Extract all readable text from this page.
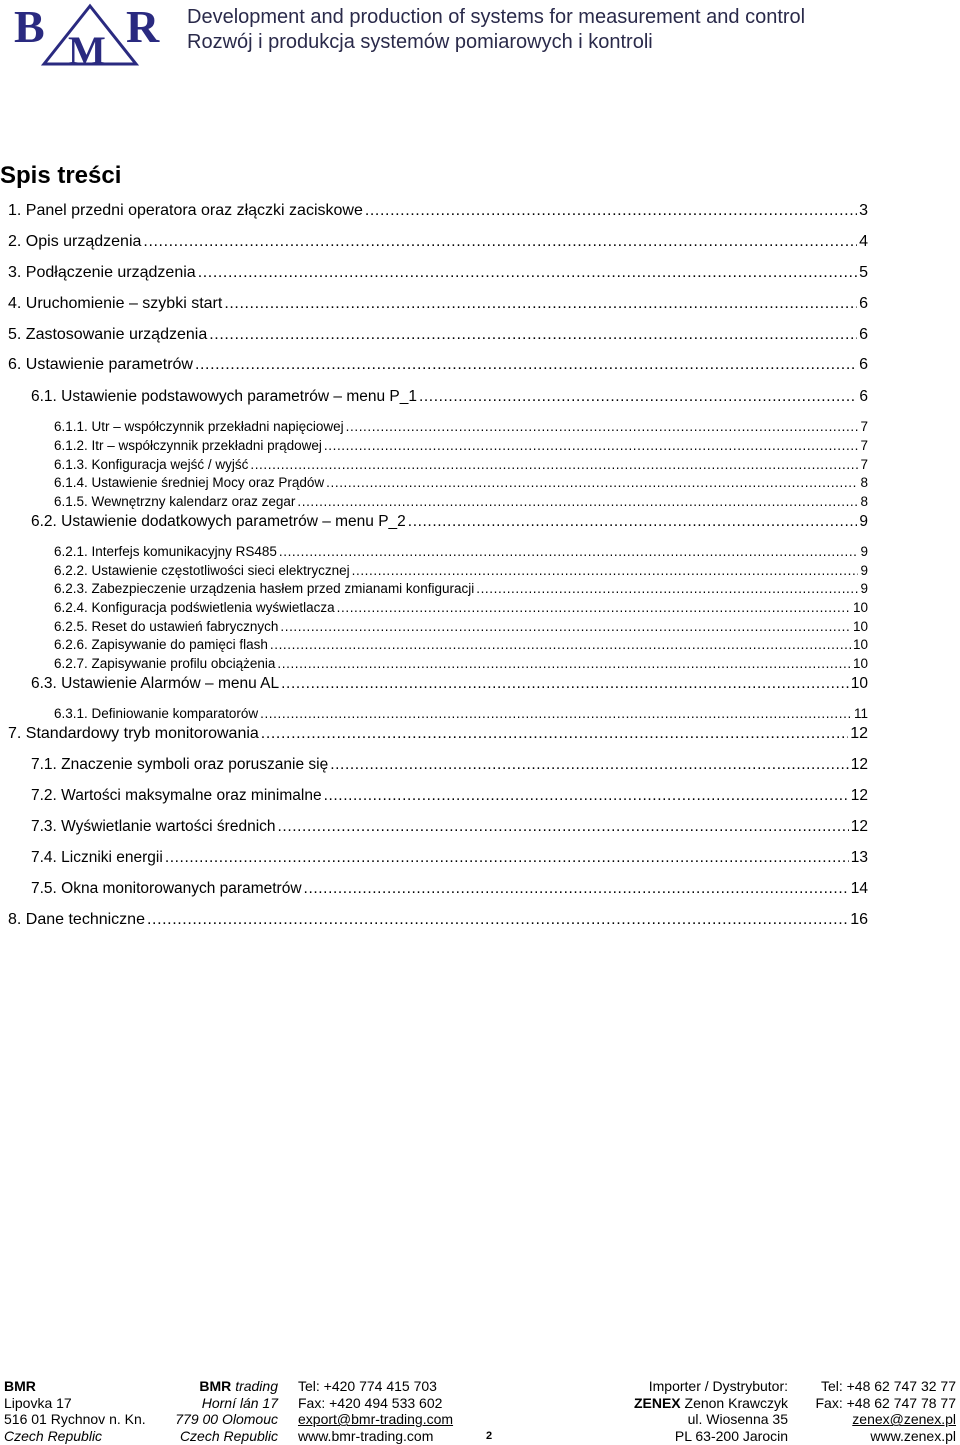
B M R Development and production of systems for measurement and control
Rozwój i produkcja systemów pomiarowych i kontroli
Spis treści
1. Panel przedni operatora oraz złączki zaciskowe .....	3
2. Opis urządzenia .....	4
3. Podłączenie urządzenia .....	5
4. Uruchomienie – szybki start .....	6
5. Zastosowanie urządzenia .....	6
6. Ustawienie parametrów .....	6
6.1. Ustawienie podstawowych parametrów – menu P_1 .....	6
6.1.1. Utr – współczynnik przekładni napięciowej .....	7
6.1.2. Itr – współczynnik przekładni prądowej .....	7
6.1.3. Konfiguracja wejść / wyjść .....	7
6.1.4. Ustawienie średniej Mocy oraz Prądów .....	8
6.1.5. Wewnętrzny kalendarz oraz zegar .....	8
6.2. Ustawienie dodatkowych parametrów – menu P_2 .....	9
6.2.1. Interfejs komunikacyjny RS485 .....	9
6.2.2. Ustawienie częstotliwości sieci elektrycznej .....	9
6.2.3. Zabezpieczenie urządzenia hasłem przed zmianami konfiguracji .....	9
6.2.4. Konfiguracja podświetlenia wyświetlacza .....	10
6.2.5. Reset do ustawień fabrycznych .....	10
6.2.6. Zapisywanie do pamięci flash .....	10
6.2.7. Zapisywanie profilu obciążenia .....	10
6.3. Ustawienie Alarmów – menu AL .....	10
6.3.1. Definiowanie komparatorów .....	11
7. Standardowy tryb monitorowania .....	12
7.1. Znaczenie symboli oraz poruszanie się .....	12
7.2. Wartości maksymalne oraz minimalne .....	12
7.3. Wyświetlanie wartości średnich .....	12
7.4. Liczniki energii .....	13
7.5. Okna monitorowanych parametrów .....	14
8. Dane techniczne .....	16
BMR
Lipovka 17
516 01 Rychnov n. Kn.
Czech Republic
BMR trading
Horní lán 17
779 00 Olomouc
Czech Republic
Tel: +420 774 415 703
Fax: +420 494 533 602
export@bmr-trading.com
www.bmr-trading.com	2
Importer / Dystrybutor:
ZENEX Zenon Krawczyk
ul. Wiosenna 35
PL 63-200 Jarocin
Tel: +48 62 747 32 77
Fax: +48 62 747 78 77
zenex@zenex.pl
www.zenex.pl
